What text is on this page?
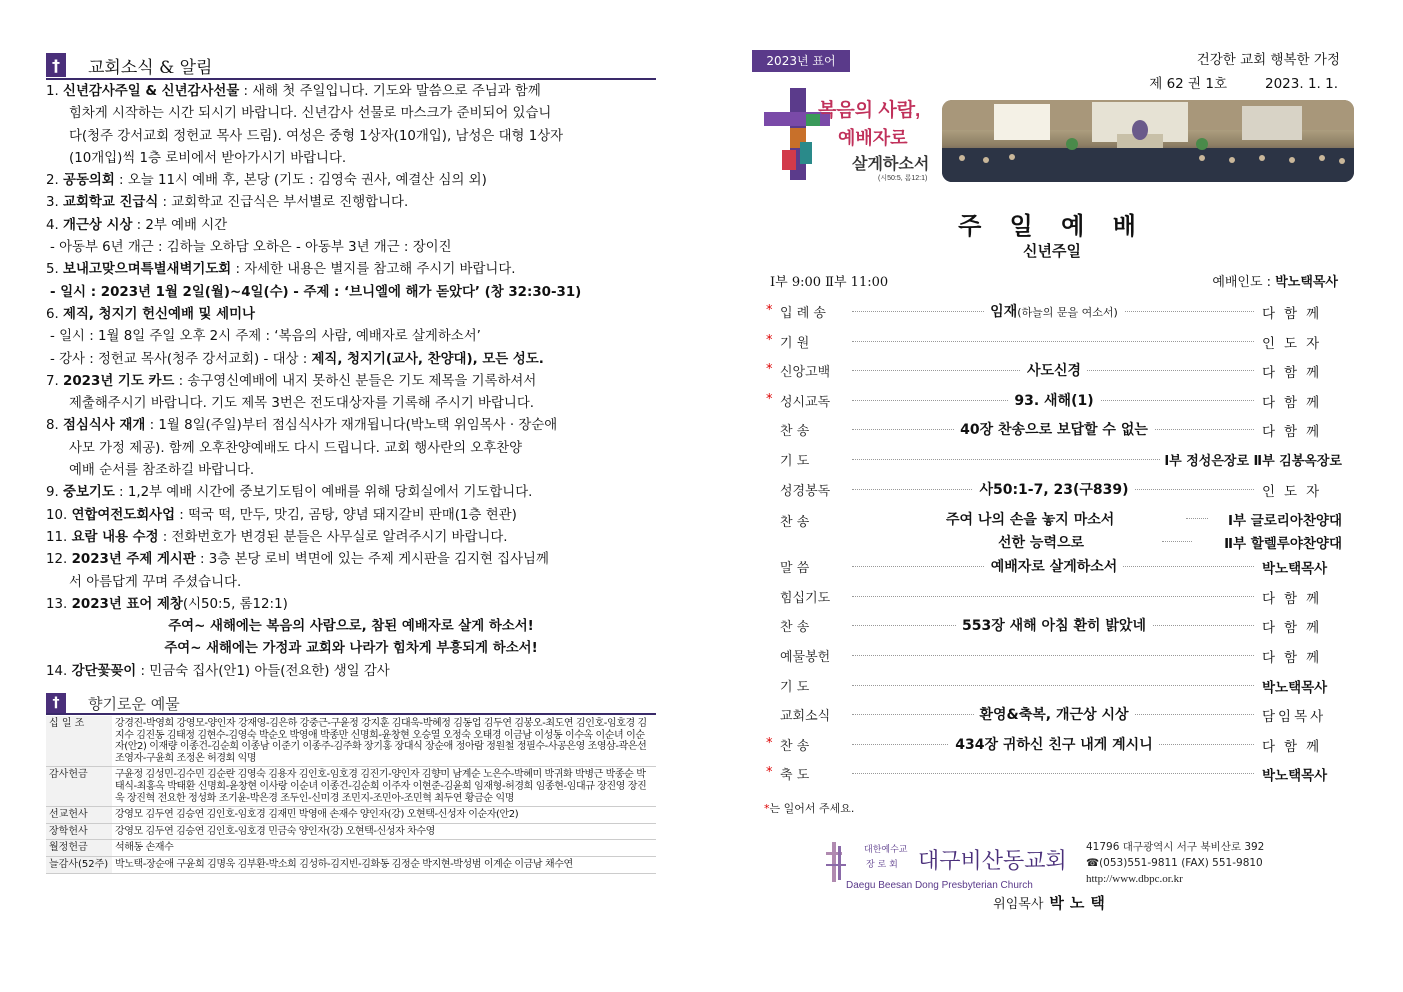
†	교회소식 & 알림
1. 신년감사주일 & 신년감사선물 : 새해 첫 주일입니다. 기도와 말씀으로 주님과 함께
힘차게 시작하는 시간 되시기 바랍니다. 신년감사 선물로 마스크가 준비되어 있습니
다(청주 강서교회 정헌교 목사 드림). 여성은 중형 1상자(10개입), 남성은 대형 1상자
(10개입)씩 1층 로비에서 받아가시기 바랍니다.
2. 공동의회 : 오늘 11시 예배 후, 본당 (기도 : 김영숙 권사, 예결산 심의 외)
3. 교회학교 진급식 : 교회학교 진급식은 부서별로 진행합니다.
4. 개근상 시상 : 2부 예배 시간
- 아동부 6년 개근 : 김하늘 오하담 오하은 - 아동부 3년 개근 : 장이진
5. 보내고맞으며특별새벽기도회 : 자세한 내용은 별지를 참고해 주시기 바랍니다.
- 일시 : 2023년 1월 2일(월)~4일(수) - 주제 : ‘브니엘에 해가 돋았다’ (창 32:30-31)
6. 제직, 청지기 헌신예배 및 세미나
- 일시 : 1월 8일 주일 오후 2시 주제 : ‘복음의 사람, 예배자로 살게하소서’
- 강사 : 정헌교 목사(청주 강서교회) - 대상 : 제직, 청지기(교사, 찬양대), 모든 성도.
7. 2023년 기도 카드 : 송구영신예배에 내지 못하신 분들은 기도 제목을 기록하셔서
제출해주시기 바랍니다. 기도 제목 3번은 전도대상자를 기록해 주시기 바랍니다.
8. 점심식사 재개 : 1월 8일(주일)부터 점심식사가 재개됩니다(박노택 위임목사 · 장순애
사모 가정 제공). 함께 오후찬양예배도 다시 드립니다. 교회 행사란의 오후찬양
예배 순서를 참조하길 바랍니다.
9. 중보기도 : 1,2부 예배 시간에 중보기도팀이 예배를 위해 당회실에서 기도합니다.
10. 연합여전도회사업 : 떡국 떡, 만두, 맛김, 곰탕, 양념 돼지갈비 판매(1층 현관)
11. 요람 내용 수정 : 전화번호가 변경된 분들은 사무실로 알려주시기 바랍니다.
12. 2023년 주제 게시판 : 3층 본당 로비 벽면에 있는 주제 게시판을 김지현 집사님께
서 아름답게 꾸며 주셨습니다.
13. 2023년 표어 제창(시50:5, 롬12:1)
주여~ 새해에는 복음의 사람으로, 참된 예배자로 살게 하소서!
주여~ 새해에는 가정과 교회와 나라가 힘차게 부흥되게 하소서!
14. 강단꽃꽂이 : 민금숙 집사(안1) 아들(전요한) 생일 감사
†	향기로운 예물
십 일 조	강경진-박영희 강영모-양인자 강재영-김은하 강중근-구윤정 강지훈 김대욱-박혜정 김동업 김두연 김봉오-최도연 김인호-임호경 김지수 김진동 김태정 김현수-김영숙 박순오 박영애 박종만 신명희-윤창현 오승열 오정숙 오태경 이금남 이성동 이수옥 이순녀 이순자(안2) 이재량 이종건-김순희 이종남 이준기 이종주-김주화 장기홍 장대식 장순애 정아람 정원철 정필수-사공은영 조영삼-곽은선 조영자-구윤희 조정온 허경회 익명
감사헌금	구윤정 김성민-김수민 김순란 김영숙 김용자 김인호-임호경 김진기-양인자 김향미 남계순 노은수-박혜미 박귀화 박병근 박종순 박태식-최홍옥 박태환 신명희-윤창현 이사랑 이순녀 이종건-김순희 이주자 이현준-김윤희 임재형-허경희 임종현-임대규 장진영 장진욱 장진혁 전요한 정성화 조기윤-박은경 조두인-신미경 조민지-조민아-조민혁 최두연 황금순 익명
선교헌사	강영모 김두연 김승연 김인호-임호경 김재민 박영애 손재수 양인자(강) 오현택-신성자 이순자(안2)
장학헌사	강영모 김두연 김승연 김인호-임호경 민금숙 양인자(강) 오현택-신성자 차수영
월정헌금	석해동 손재수
늘감사(52주)	박노택-장순애 구윤희 김명욱 김부환-박소희 김성하-김지빈-김화동 김정순 박지현-박성범 이계순 이금남 채수연
2023년 표어	건강한 교회 행복한 가정
제 62 권 1호	2023. 1. 1.
복음의 사람,
예배자로
살게하소서
(시50:5, 롬12:1)
주 일 예 배
신년주일
Ⅰ부 9:00 Ⅱ부 11:00	예배인도 : 박노택목사
* 입 례 송	임재(하늘의 문을 여소서)	다함께
* 기 원	인도자
* 신앙고백	사도신경	다함께
* 성시교독	93. 새해(1)	다함께
찬 송	40장 찬송으로 보답할 수 없는	다함께
기 도	Ⅰ부 정성은장로 Ⅱ부 김봉옥장로
성경봉독	사50:1-7, 23(구839)	인도자
찬 송	주여 나의 손을 놓지 마소서	Ⅰ부 글로리아찬양대
선한 능력으로	Ⅱ부 할렐루야찬양대
말 씀	예배자로 살게하소서	박노택목사
힘십기도	다함께
찬 송	553장 새해 아침 환히 밝았네	다함께
예물봉헌	다함께
기 도	박노택목사
교회소식	환영&축복, 개근상 시상	담임목사
* 찬 송	434장 귀하신 친구 내게 계시니	다함께
* 축 도	박노택목사
*는 일어서 주세요.
대한예수교
장 로 회 대구비산동교회
Daegu Beesan Dong Presbyterian Church
41796 대구광역시 서구 북비산로 392
☎(053)551-9811 (FAX) 551-9810
http://www.dbpc.or.kr
위임목사 박노택
